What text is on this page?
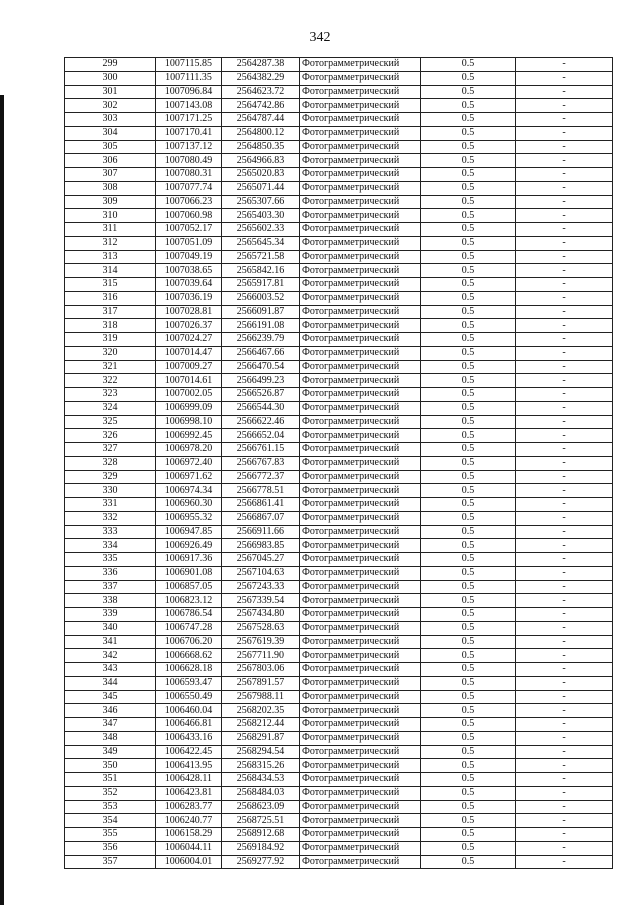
342
299	1007115.85	2564287.38	Фотограмметрический	0.5	-
300	1007111.35	2564382.29	Фотограмметрический	0.5	-
301	1007096.84	2564623.72	Фотограмметрический	0.5	-
302	1007143.08	2564742.86	Фотограмметрический	0.5	-
303	1007171.25	2564787.44	Фотограмметрический	0.5	-
304	1007170.41	2564800.12	Фотограмметрический	0.5	-
305	1007137.12	2564850.35	Фотограмметрический	0.5	-
306	1007080.49	2564966.83	Фотограмметрический	0.5	-
307	1007080.31	2565020.83	Фотограмметрический	0.5	-
308	1007077.74	2565071.44	Фотограмметрический	0.5	-
309	1007066.23	2565307.66	Фотограмметрический	0.5	-
310	1007060.98	2565403.30	Фотограмметрический	0.5	-
311	1007052.17	2565602.33	Фотограмметрический	0.5	-
312	1007051.09	2565645.34	Фотограмметрический	0.5	-
313	1007049.19	2565721.58	Фотограмметрический	0.5	-
314	1007038.65	2565842.16	Фотограмметрический	0.5	-
315	1007039.64	2565917.81	Фотограмметрический	0.5	-
316	1007036.19	2566003.52	Фотограмметрический	0.5	-
317	1007028.81	2566091.87	Фотограмметрический	0.5	-
318	1007026.37	2566191.08	Фотограмметрический	0.5	-
319	1007024.27	2566239.79	Фотограмметрический	0.5	-
320	1007014.47	2566467.66	Фотограмметрический	0.5	-
321	1007009.27	2566470.54	Фотограмметрический	0.5	-
322	1007014.61	2566499.23	Фотограмметрический	0.5	-
323	1007002.05	2566526.87	Фотограмметрический	0.5	-
324	1006999.09	2566544.30	Фотограмметрический	0.5	-
325	1006998.10	2566622.46	Фотограмметрический	0.5	-
326	1006992.45	2566652.04	Фотограмметрический	0.5	-
327	1006978.20	2566761.15	Фотограмметрический	0.5	-
328	1006972.40	2566767.83	Фотограмметрический	0.5	-
329	1006971.62	2566772.37	Фотограмметрический	0.5	-
330	1006974.34	2566778.51	Фотограмметрический	0.5	-
331	1006960.30	2566861.41	Фотограмметрический	0.5	-
332	1006955.32	2566867.07	Фотограмметрический	0.5	-
333	1006947.85	2566911.66	Фотограмметрический	0.5	-
334	1006926.49	2566983.85	Фотограмметрический	0.5	-
335	1006917.36	2567045.27	Фотограмметрический	0.5	-
336	1006901.08	2567104.63	Фотограмметрический	0.5	-
337	1006857.05	2567243.33	Фотограмметрический	0.5	-
338	1006823.12	2567339.54	Фотограмметрический	0.5	-
339	1006786.54	2567434.80	Фотограмметрический	0.5	-
340	1006747.28	2567528.63	Фотограмметрический	0.5	-
341	1006706.20	2567619.39	Фотограмметрический	0.5	-
342	1006668.62	2567711.90	Фотограмметрический	0.5	-
343	1006628.18	2567803.06	Фотограмметрический	0.5	-
344	1006593.47	2567891.57	Фотограмметрический	0.5	-
345	1006550.49	2567988.11	Фотограмметрический	0.5	-
346	1006460.04	2568202.35	Фотограмметрический	0.5	-
347	1006466.81	2568212.44	Фотограмметрический	0.5	-
348	1006433.16	2568291.87	Фотограмметрический	0.5	-
349	1006422.45	2568294.54	Фотограмметрический	0.5	-
350	1006413.95	2568315.26	Фотограмметрический	0.5	-
351	1006428.11	2568434.53	Фотограмметрический	0.5	-
352	1006423.81	2568484.03	Фотограмметрический	0.5	-
353	1006283.77	2568623.09	Фотограмметрический	0.5	-
354	1006240.77	2568725.51	Фотограмметрический	0.5	-
355	1006158.29	2568912.68	Фотограмметрический	0.5	-
356	1006044.11	2569184.92	Фотограмметрический	0.5	-
357	1006004.01	2569277.92	Фотограмметрический	0.5	-
